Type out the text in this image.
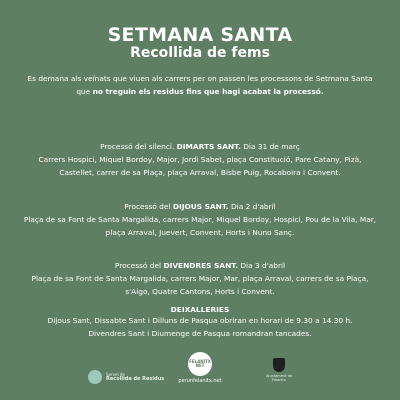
SETMANA SANTA
Recollida de fems
Es demana als veïnats que viuen als carrers per on passen les processons de Setmana Santa que no treguin els residus fins que hagi acabat la processó.
Processó del silenci. DIMARTS SANT. Dia 31 de març
Carrers Hospici, Miquel Bordoy, Major, Jordi Sabet, plaça Constitució, Pare Catany, Pizà, Castellet, carrer de sa Plaça, plaça Arraval, Bisbe Puig, Rocaboira i Convent.
Processó del DIJOUS SANT. Dia 2 d'abril
Plaça de sa Font de Santa Margalida, carrers Major, Miquel Bordoy, Hospici, Pou de la Vila, Mar, plaça Arraval, Juevert, Convent, Horts i Nuno Sanç.
Processó del DIVENDRES SANT. Dia 3 d'abril
Plaça de sa Font de Santa Margalida, carrers Major, Mar, plaça Arraval, carrers de sa Plaça, s'Aigo, Quatre Cantons, Horts i Convent.
DEIXALLERIES
Dijous Sant, Dissabte Sant i Dilluns de Pasqua obriran en horari de 9.30 a 14.30 h.
Divendres Sant i Diumenge de Pasqua romandran tancades.
Servei de
Recollida de Residus
FELANITX NET
perunfelanitx.net
Ajuntament de Felanitx
